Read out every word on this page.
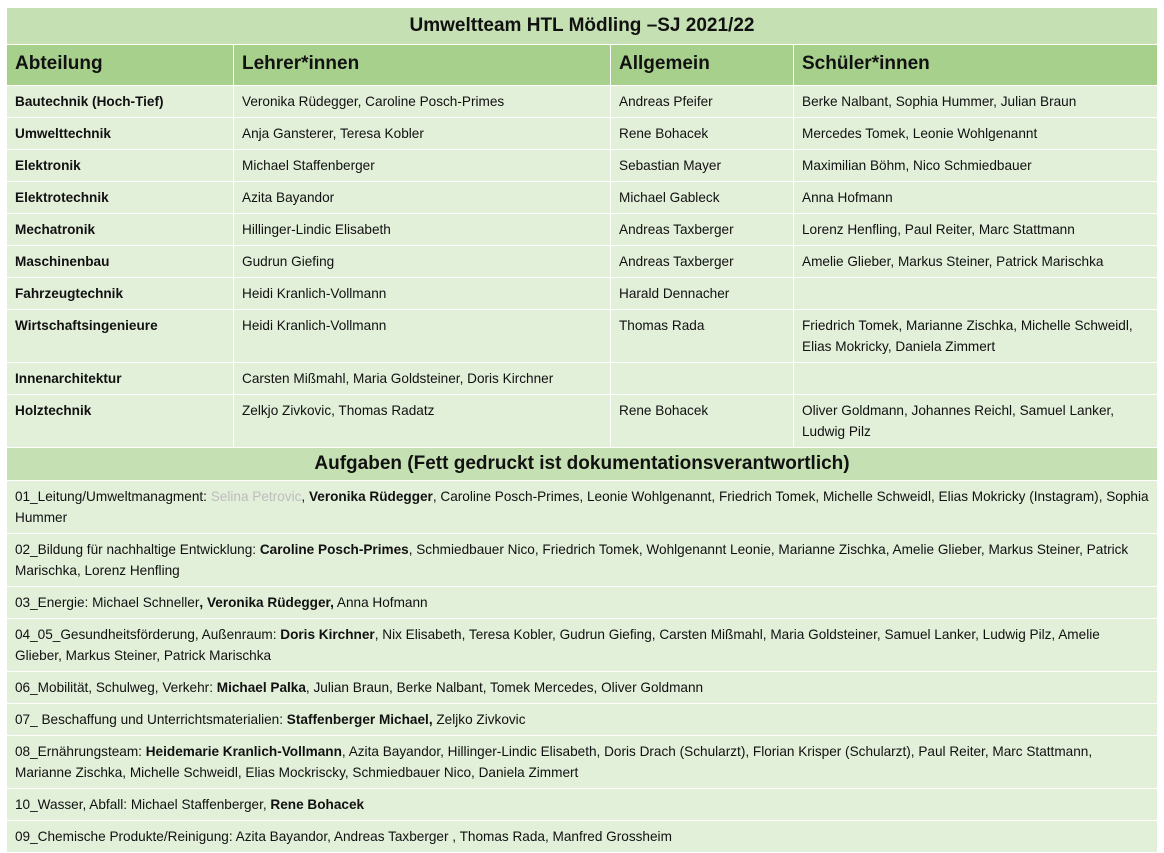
Umweltteam HTL Mödling –SJ 2021/22			
Abteilung	Lehrer*innen	Allgemein	Schüler*innen
Bautechnik (Hoch-Tief)	Veronika Rüdegger, Caroline Posch-Primes	Andreas Pfeifer	Berke Nalbant, Sophia Hummer, Julian Braun
Umwelttechnik	Anja Gansterer, Teresa Kobler	Rene Bohacek	Mercedes Tomek, Leonie Wohlgenannt
Elektronik	Michael Staffenberger	Sebastian Mayer	Maximilian Böhm, Nico Schmiedbauer
Elektrotechnik	Azita Bayandor	Michael Gableck	Anna Hofmann
Mechatronik	Hillinger-Lindic Elisabeth	Andreas Taxberger	Lorenz Henfling, Paul Reiter, Marc Stattmann
Maschinenbau	Gudrun Giefing	Andreas Taxberger	Amelie Glieber, Markus Steiner, Patrick Marischka
Fahrzeugtechnik	Heidi Kranlich-Vollmann	Harald Dennacher	
Wirtschaftsingenieure	Heidi Kranlich-Vollmann	Thomas Rada	Friedrich Tomek, Marianne Zischka, Michelle Schweidl, Elias Mokricky, Daniela Zimmert
Innenarchitektur	Carsten Mißmahl, Maria Goldsteiner, Doris Kirchner		
Holztechnik	Zelkjo Zivkovic, Thomas Radatz	Rene Bohacek	Oliver Goldmann, Johannes Reichl, Samuel Lanker, Ludwig Pilz
Aufgaben (Fett gedruckt ist dokumentationsverantwortlich)			
01_Leitung/Umweltmanagment: Selina Petrovic, Veronika Rüdegger, Caroline Posch-Primes, Leonie Wohlgenannt, Friedrich Tomek, Michelle Schweidl, Elias Mokricky (Instagram), Sophia Hummer			
02_Bildung für nachhaltige Entwicklung: Caroline Posch-Primes, Schmiedbauer Nico, Friedrich Tomek, Wohlgenannt Leonie, Marianne Zischka, Amelie Glieber, Markus Steiner, Patrick Marischka, Lorenz Henfling			
03_Energie: Michael Schneller, Veronika Rüdegger, Anna Hofmann			
04_05_Gesundheitsförderung, Außenraum: Doris Kirchner, Nix Elisabeth, Teresa Kobler, Gudrun Giefing, Carsten Mißmahl, Maria Goldsteiner, Samuel Lanker, Ludwig Pilz, Amelie Glieber, Markus Steiner, Patrick Marischka			
06_Mobilität, Schulweg, Verkehr: Michael Palka, Julian Braun, Berke Nalbant, Tomek Mercedes, Oliver Goldmann			
07_ Beschaffung und Unterrichtsmaterialien: Staffenberger Michael, Zeljko Zivkovic			
08_Ernährungsteam: Heidemarie Kranlich-Vollmann, Azita Bayandor, Hillinger-Lindic Elisabeth, Doris Drach (Schularzt), Florian Krisper (Schularzt), Paul Reiter, Marc Stattmann, Marianne Zischka, Michelle Schweidl, Elias Mockriscky, Schmiedbauer Nico, Daniela Zimmert			
10_Wasser, Abfall: Michael Staffenberger, Rene Bohacek			
09_Chemische Produkte/Reinigung: Azita Bayandor, Andreas Taxberger , Thomas Rada, Manfred Grossheim			
